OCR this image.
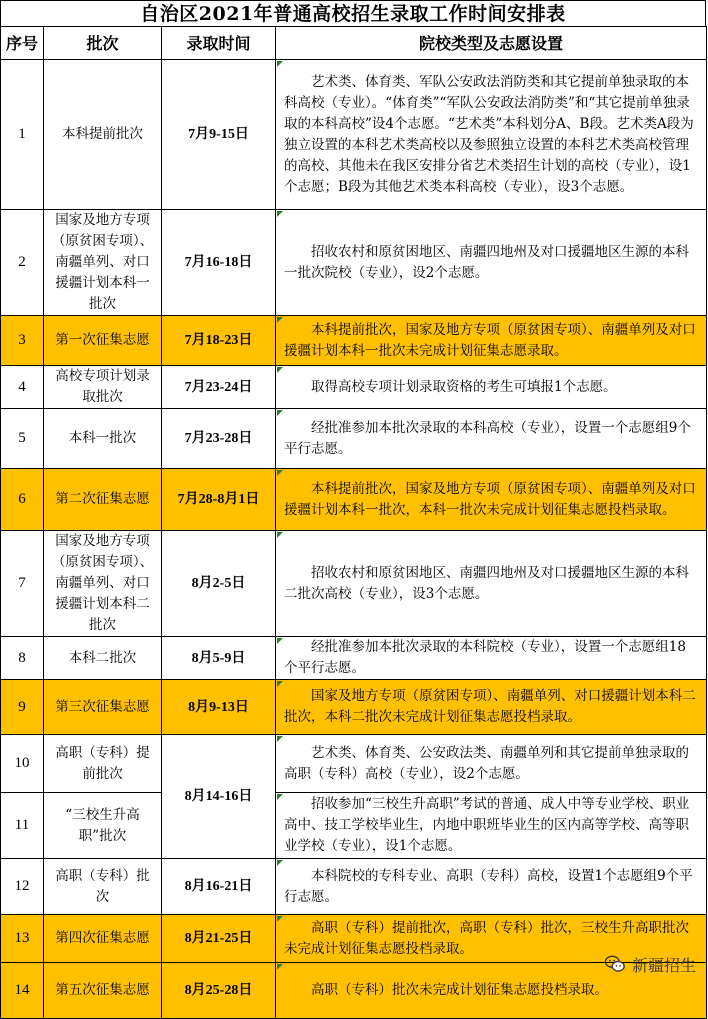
自治区2021年普通高校招生录取工作时间安排表
序号	批次	录取时间	院校类型及志愿设置
1	本科提前批次	7月9-15日	艺术类、体育类、军队公安政法消防类和其它提前单独录取的本科高校（专业）。“体育类”“军队公安政法消防类”和“其它提前单独录取的本科高校”设4个志愿。“艺术类”本科划分A、B段。艺术类A段为独立设置的本科艺术类高校以及参照独立设置的本科艺术类高校管理的高校、其他未在我区安排分省艺术类招生计划的高校（专业），设1个志愿；B段为其他艺术类本科高校（专业），设3个志愿。

2	国家及地方专项（原贫困专项）、南疆单列、对口援疆计划本科一批次	7月16-18日	招收农村和原贫困地区、南疆四地州及对口援疆地区生源的本科一批次院校（专业），设2个志愿。

3	第一次征集志愿	7月18-23日	本科提前批次，国家及地方专项（原贫困专项）、南疆单列及对口援疆计划本科一批次未完成计划征集志愿录取。

4	高校专项计划录取批次	7月23-24日	取得高校专项计划录取资格的考生可填报1个志愿。

5	本科一批次	7月23-28日	经批准参加本批次录取的本科高校（专业），设置一个志愿组9个平行志愿。

6	第二次征集志愿	7月28-8月1日	本科提前批次，国家及地方专项（原贫困专项）、南疆单列及对口援疆计划本科一批次，本科一批次未完成计划征集志愿投档录取。

7	国家及地方专项（原贫困专项）、南疆单列、对口援疆计划本科二批次	8月2-5日	招收农村和原贫困地区、南疆四地州及对口援疆地区生源的本科二批次高校（专业），设3个志愿。

8	本科二批次	8月5-9日	经批准参加本批次录取的本科院校（专业），设置一个志愿组18个平行志愿。

9	第三次征集志愿	8月9-13日	国家及地方专项（原贫困专项）、南疆单列、对口援疆计划本科二批次，本科二批次未完成计划征集志愿投档录取。

10	高职（专科）提前批次	8月14-16日	艺术类、体育类、公安政法类、南疆单列和其它提前单独录取的高职（专科）高校（专业），设2个志愿。

11	“三校生升高职”批次		招收参加“三校生升高职”考试的普通、成人中等专业学校、职业高中、技工学校毕业生，内地中职班毕业生的区内高等学校、高等职业学校（专业），设1个志愿。

12	高职（专科）批次	8月16-21日	本科院校的专科专业、高职（专科）高校，设置1个志愿组9个平行志愿。

13	第四次征集志愿	8月21-25日	高职（专科）提前批次，高职（专科）批次，三校生升高职批次未完成计划征集志愿投档录取。

14	第五次征集志愿	8月25-28日	高职（专科）批次未完成计划征集志愿投档录取。
新疆招生
